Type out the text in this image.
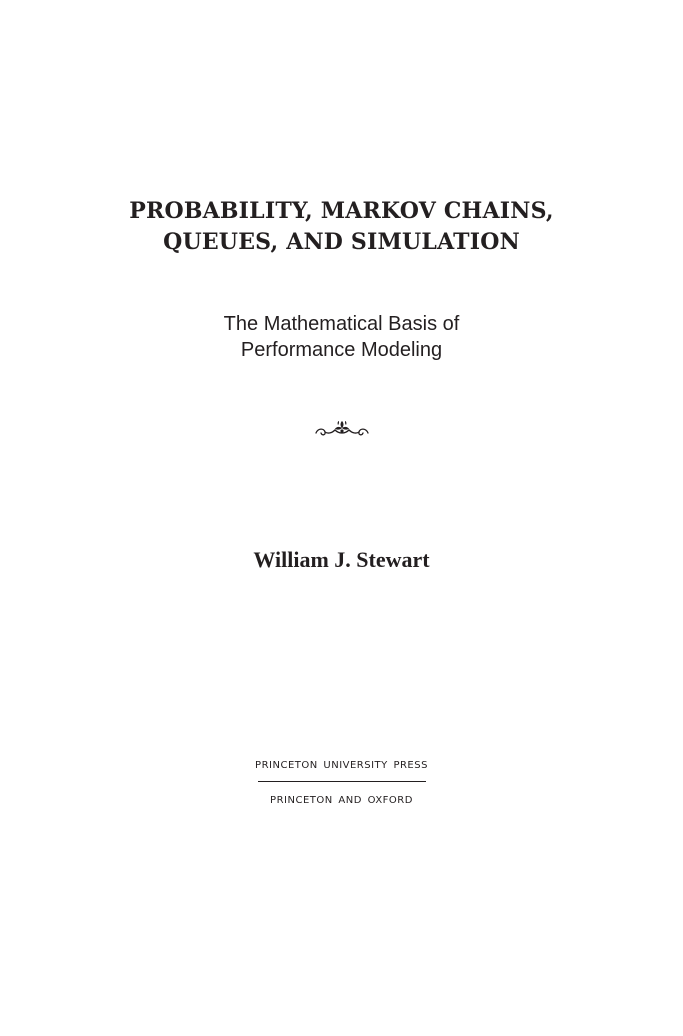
PROBABILITY, MARKOV CHAINS,
QUEUES, AND SIMULATION
The Mathematical Basis of
Performance Modeling
William J. Stewart
PRINCETON UNIVERSITY PRESS
PRINCETON AND OXFORD
